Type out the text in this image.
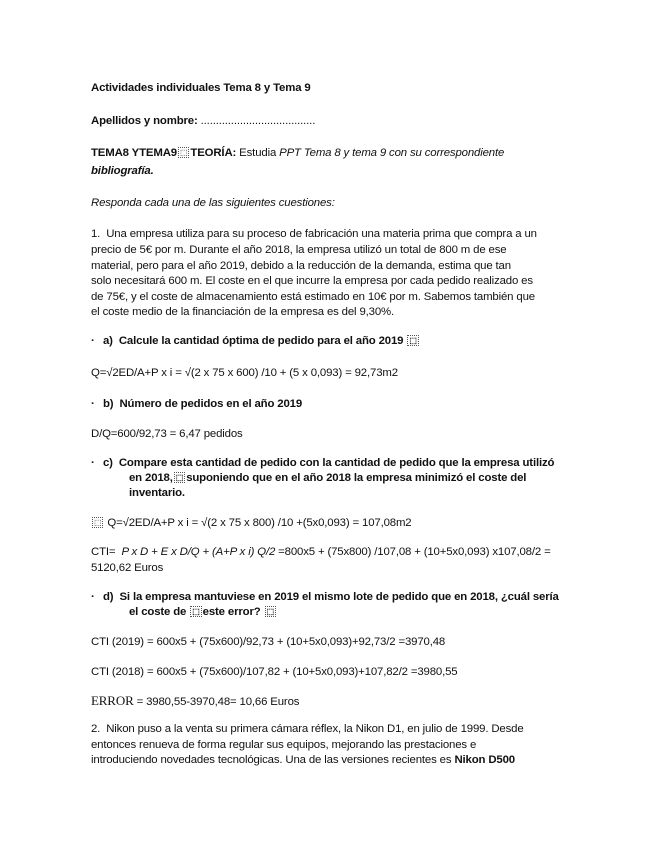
Actividades individuales Tema 8 y Tema 9
Apellidos y nombre: ......................................
TEMA8 YTEMA9 ⬚ TEORÍA: Estudia PPT Tema 8 y tema 9 con su correspondiente
bibliografía.
Responda cada una de las siguientes cuestiones:
1.  Una empresa utiliza para su proceso de fabricación una materia prima que compra a un
precio de 5€ por m. Durante el año 2018, la empresa utilizó un total de 800 m de ese
material, pero para el año 2019, debido a la reducción de la demanda, estima que tan
solo necesitará 600 m. El coste en el que incurre la empresa por cada pedido realizado es
de 75€, y el coste de almacenamiento está estimado en 10€ por m. Sabemos también que
el coste medio de la financiación de la empresa es del 9,30%.
· a)  Calcule la cantidad óptima de pedido para el año 2019 ⬚
Q=√2ED/A+P x i = √(2 x 75 x 600) /10 + (5 x 0,093) = 92,73m2
· b)  Número de pedidos en el año 2019
D/Q=600/92,73 = 6,47 pedidos
· c)  Compare esta cantidad de pedido con la cantidad de pedido que la empresa utilizó
en 2018, ⬚ suponiendo que en el año 2018 la empresa minimizó el coste del
inventario.
⬚ Q=√2ED/A+P x i = √(2 x 75 x 800) /10 +(5x0,093) = 107,08m2
CTI=  P x D + E x D/Q + (A+P x i) Q/2 =800x5 + (75x800) /107,08 + (10+5x0,093) x107,08/2 =
5120,62 Euros
· d)  Si la empresa mantuviese en 2019 el mismo lote de pedido que en 2018, ¿cuál sería
el coste de ⬚ este error? ⬚
CTI (2019) = 600x5 + (75x600)/92,73 + (10+5x0,093)+92,73/2 =3970,48
CTI (2018) = 600x5 + (75x600)/107,82 + (10+5x0,093)+107,82/2 =3980,55
ERROR = 3980,55-3970,48= 10,66 Euros
2.  Nikon puso a la venta su primera cámara réflex, la Nikon D1, en julio de 1999. Desde
entonces renueva de forma regular sus equipos, mejorando las prestaciones e
introduciendo novedades tecnológicas. Una de las versiones recientes es Nikon D500
